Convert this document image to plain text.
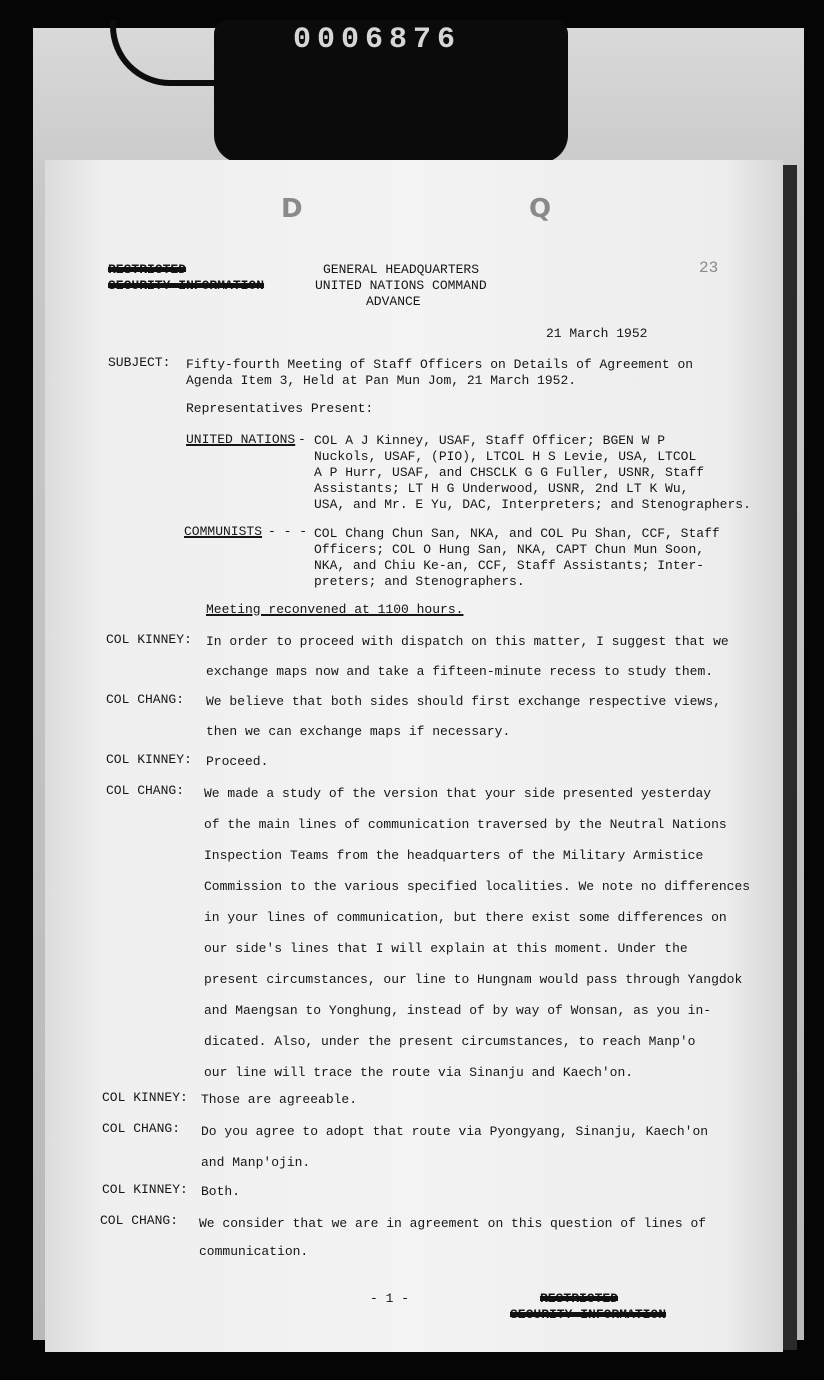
0006876
D	Q
23
RESTRICTED
SECURITY INFORMATION
GENERAL HEADQUARTERS
UNITED NATIONS COMMAND
ADVANCE
21 March 1952
SUBJECT: Fifty-fourth Meeting of Staff Officers on Details of Agreement on
Agenda Item 3, Held at Pan Mun Jom, 21 March 1952.
Representatives Present:
UNITED NATIONS - COL A J Kinney, USAF, Staff Officer; BGEN W P
Nuckols, USAF, (PIO), LTCOL H S Levie, USA, LTCOL
A P Hurr, USAF, and CHSCLK G G Fuller, USNR, Staff
Assistants; LT H G Underwood, USNR, 2nd LT K Wu,
USA, and Mr. E Yu, DAC, Interpreters; and Stenographers.
COMMUNISTS - - - COL Chang Chun San, NKA, and COL Pu Shan, CCF, Staff
Officers; COL O Hung San, NKA, CAPT Chun Mun Soon,
NKA, and Chiu Ke-an, CCF, Staff Assistants; Inter-
preters; and Stenographers.
Meeting reconvened at 1100 hours.
COL KINNEY: In order to proceed with dispatch on this matter, I suggest that we
exchange maps now and take a fifteen-minute recess to study them.
COL CHANG: We believe that both sides should first exchange respective views,
then we can exchange maps if necessary.
COL KINNEY: Proceed.
COL CHANG: We made a study of the version that your side presented yesterday
of the main lines of communication traversed by the Neutral Nations
Inspection Teams from the headquarters of the Military Armistice
Commission to the various specified localities. We note no differences
in your lines of communication, but there exist some differences on
our side's lines that I will explain at this moment. Under the
present circumstances, our line to Hungnam would pass through Yangdok
and Maengsan to Yonghung, instead of by way of Wonsan, as you in-
dicated. Also, under the present circumstances, to reach Manp'o
our line will trace the route via Sinanju and Kaech'on.
COL KINNEY: Those are agreeable.
COL CHANG: Do you agree to adopt that route via Pyongyang, Sinanju, Kaech'on
and Manp'ojin.
COL KINNEY: Both.
COL CHANG: We consider that we are in agreement on this question of lines of
communication.
- 1 -	RESTRICTED
SECURITY INFORMATION
